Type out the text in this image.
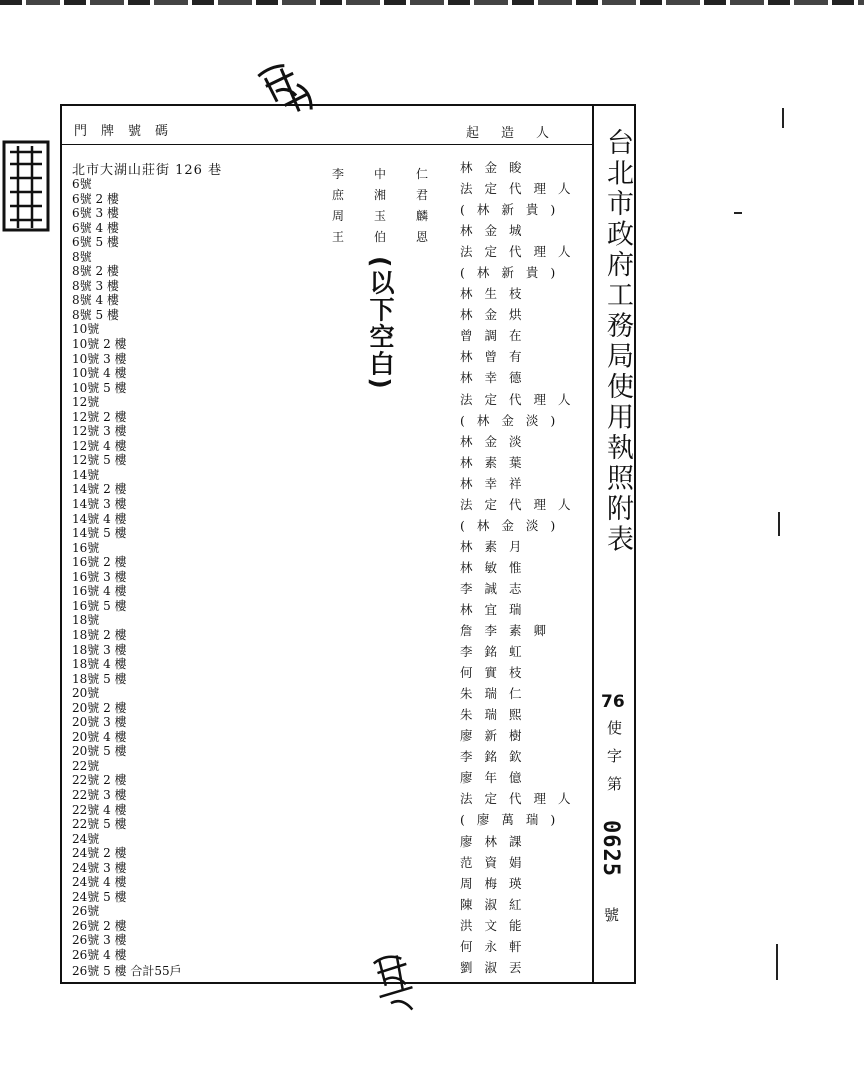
門牌號碼	起造人
北市大湖山莊街 126 巷
6號
6號 2 樓
6號 3 樓
6號 4 樓
6號 5 樓
8號
8號 2 樓
8號 3 樓
8號 4 樓
8號 5 樓
10號
10號 2 樓
10號 3 樓
10號 4 樓
10號 5 樓
12號
12號 2 樓
12號 3 樓
12號 4 樓
12號 5 樓
14號
14號 2 樓
14號 3 樓
14號 4 樓
14號 5 樓
16號
16號 2 樓
16號 3 樓
16號 4 樓
16號 5 樓
18號
18號 2 樓
18號 3 樓
18號 4 樓
18號 5 樓
20號
20號 2 樓
20號 3 樓
20號 4 樓
20號 5 樓
22號
22號 2 樓
22號 3 樓
22號 4 樓
22號 5 樓
24號
24號 2 樓
24號 3 樓
24號 4 樓
24號 5 樓
26號
26號 2 樓
26號 3 樓
26號 4 樓
26號 5 樓 合計55戶
李中仁
庶湘君
周玉麟
王伯恩
(以下空白)
林金睃
法定代理人
(林新貴)
林金城
法定代理人
(林新貴)
林生枝
林金烘
曾調在
林曾有
林幸德
法定代理人
(林金淡)
林金淡
林素葉
林幸祥
法定代理人
(林金淡)
林素月
林敏惟
李誠志
林宜瑞
詹李素卿
李銘虹
何實枝
朱瑞仁
朱瑞熙
廖新樹
李銘欽
廖年億
法定代理人
(廖萬瑞)
廖林課
范資娟
周梅瑛
陳淑紅
洪文能
何永軒
劉淑丟
台北市政府工務局使用執照附表
76
使字第
0625
號
